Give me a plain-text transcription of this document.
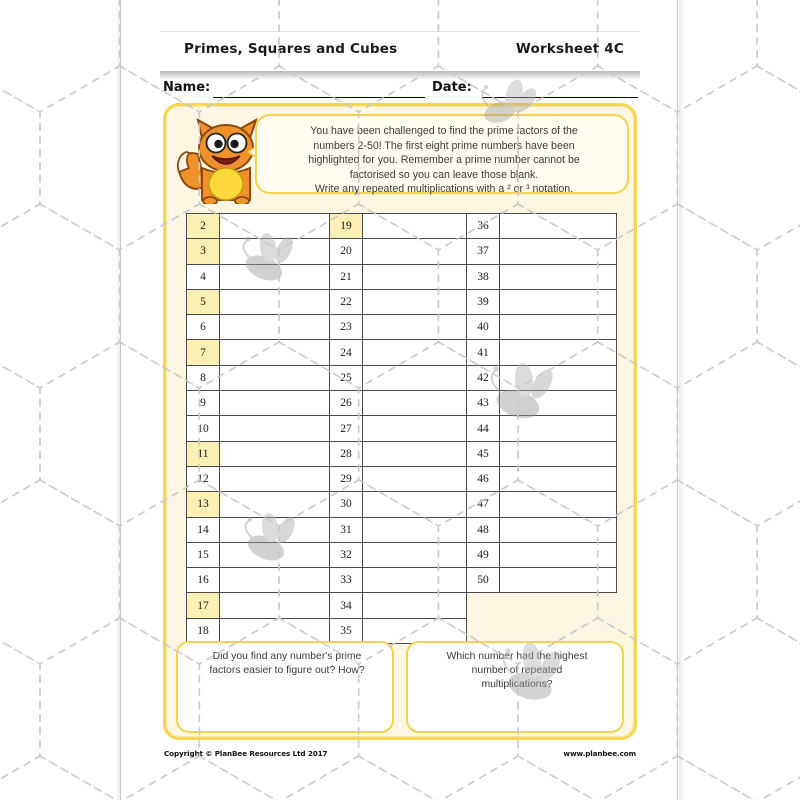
Primes, Squares and Cubes	Worksheet 4C
Name:	Date:
You have been challenged to find the prime factors of the
numbers 2-50! The first eight prime numbers have been
highlighted for you. Remember a prime number cannot be
factorised so you can leave those blank.
Write any repeated multiplications with a ² or ³ notation.
2		19		36	
3		20		37	
4		21		38	
5		22		39	
6		23		40	
7		24		41	
8		25		42	
9		26		43	
10		27		44	
11		28		45	
12		29		46	
13		30		47	
14		31		48	
15		32		49	
16		33		50	
17		34			
18		35			
Did you find any number's prime
factors easier to figure out? How?
Which number had the highest
number of repeated
multiplications?
Copyright © PlanBee Resources Ltd 2017	www.planbee.com
